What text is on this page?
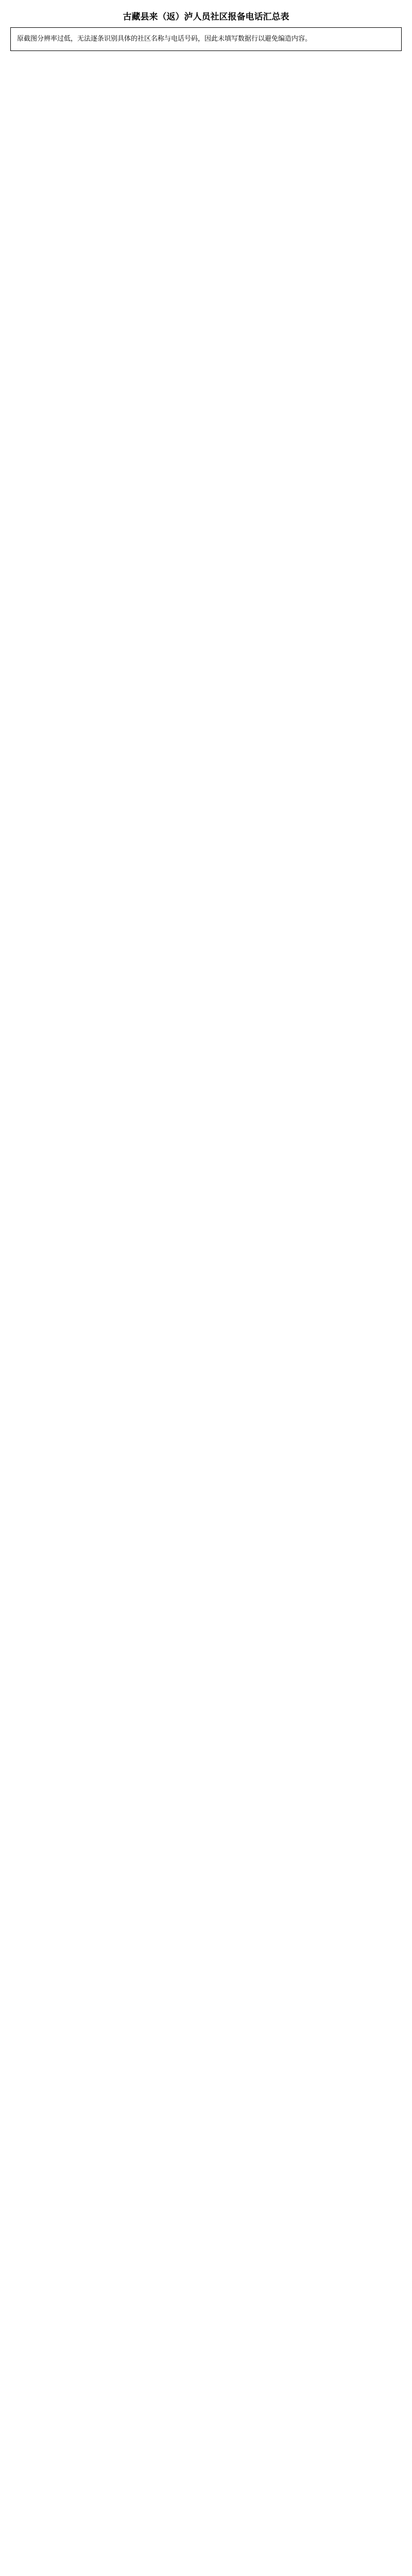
古藏县来（返）泸人员社区报备电话汇总表
原截图分辨率过低，无法逐条识别具体的社区名称与电话号码，因此未填写数据行以避免编造内容。
